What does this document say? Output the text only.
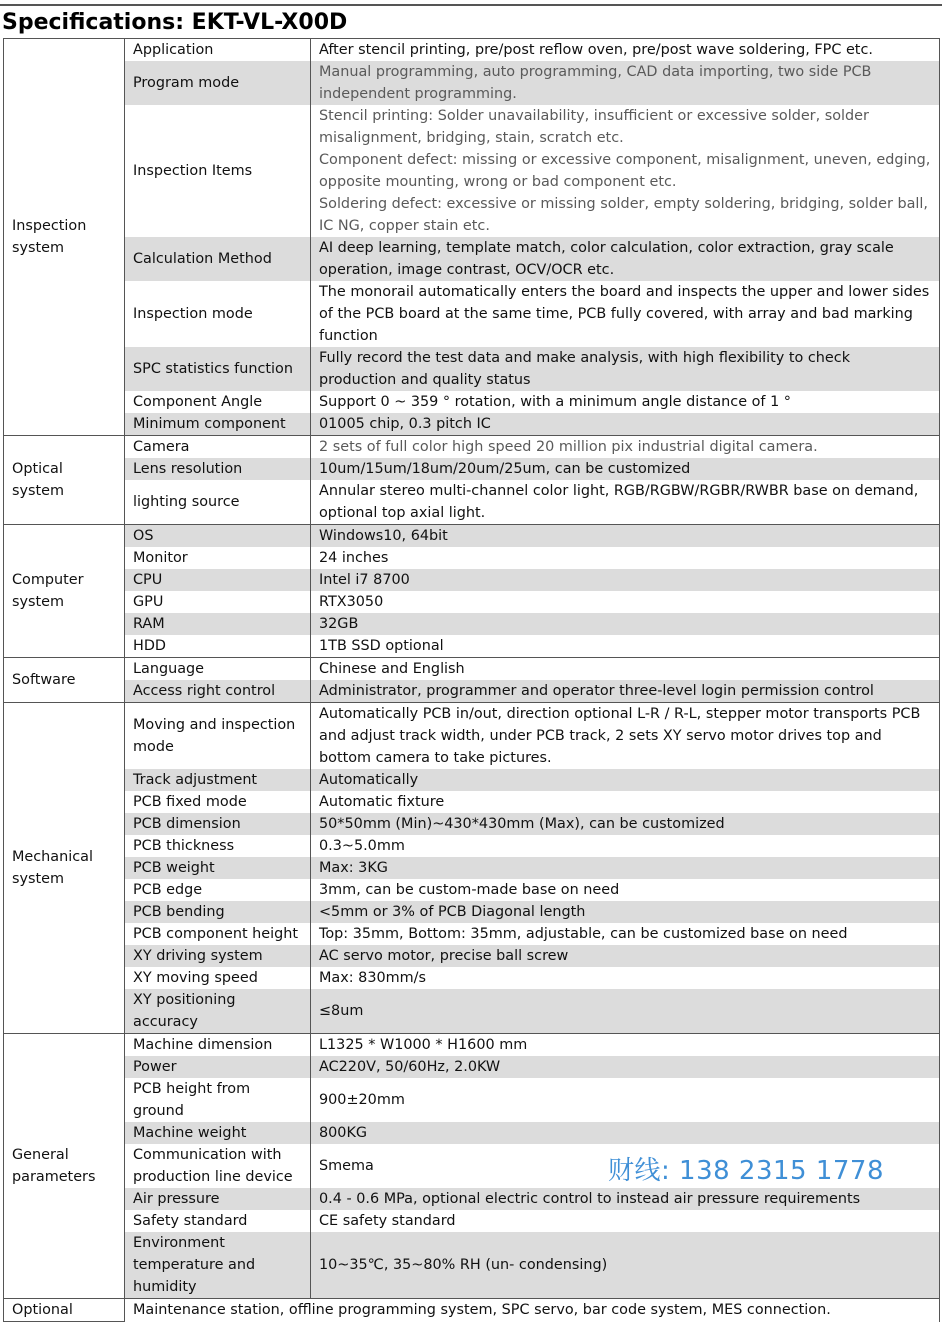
Specifications: EKT-VL-X00D
Inspection
system	Application	After stencil printing, pre/post reflow oven, pre/post wave soldering, FPC etc.
	Program mode	Manual programming, auto programming, CAD data importing, two side PCB independent programming.
	Inspection Items	Stencil printing: Solder unavailability, insufficient or excessive solder, solder misalignment, bridging, stain, scratch etc.
Component defect: missing or excessive component, misalignment, uneven, edging, opposite mounting, wrong or bad component etc.
Soldering defect: excessive or missing solder, empty soldering, bridging, solder ball, IC NG, copper stain etc.
	Calculation Method	AI deep learning, template match, color calculation, color extraction, gray scale operation, image contrast, OCV/OCR etc.
	Inspection mode	The monorail automatically enters the board and inspects the upper and lower sides of the PCB board at the same time, PCB fully covered, with array and bad marking function
	SPC statistics function	Fully record the test data and make analysis, with high flexibility to check production and quality status
	Component Angle	Support 0 ~ 359 ° rotation, with a minimum angle distance of 1 °
	Minimum component	01005 chip, 0.3 pitch IC
Optical
system	Camera	2 sets of full color high speed 20 million pix industrial digital camera.
	Lens resolution	10um/15um/18um/20um/25um, can be customized
	lighting source	Annular stereo multi-channel color light, RGB/RGBW/RGBR/RWBR base on demand, optional top axial light.
Computer
system	OS	Windows10, 64bit
	Monitor	24 inches
	CPU	Intel i7 8700
	GPU	RTX3050
	RAM	32GB
	HDD	1TB SSD optional
Software	Language	Chinese and English
	Access right control	Administrator, programmer and operator three-level login permission control
Mechanical
system	Moving and inspection mode	Automatically PCB in/out, direction optional L-R / R-L, stepper motor transports PCB and adjust track width, under PCB track, 2 sets XY servo motor drives top and bottom camera to take pictures.
	Track adjustment	Automatically
	PCB fixed mode	Automatic fixture
	PCB dimension	50*50mm (Min)~430*430mm (Max), can be customized
	PCB thickness	0.3~5.0mm
	PCB weight	Max: 3KG
	PCB edge	3mm, can be custom-made base on need
	PCB bending	<5mm or 3% of PCB Diagonal length
	PCB component height	Top: 35mm, Bottom: 35mm, adjustable, can be customized base on need
	XY driving system	AC servo motor, precise ball screw
	XY moving speed	Max: 830mm/s
	XY positioning accuracy	≤8um
General
parameters	Machine dimension	L1325 * W1000 * H1600 mm
	Power	AC220V, 50/60Hz, 2.0KW
	PCB height from ground	900±20mm
	Machine weight	800KG
	Communication with production line device	Smema
	Air pressure	0.4 - 0.6 MPa, optional electric control to instead air pressure requirements
	Safety standard	CE safety standard
	Environment temperature and humidity	10~35℃, 35~80% RH (un- condensing)
Optional	Maintenance station, offline programming system, SPC servo, bar code system, MES connection.	
财线: 138 2315 1778
